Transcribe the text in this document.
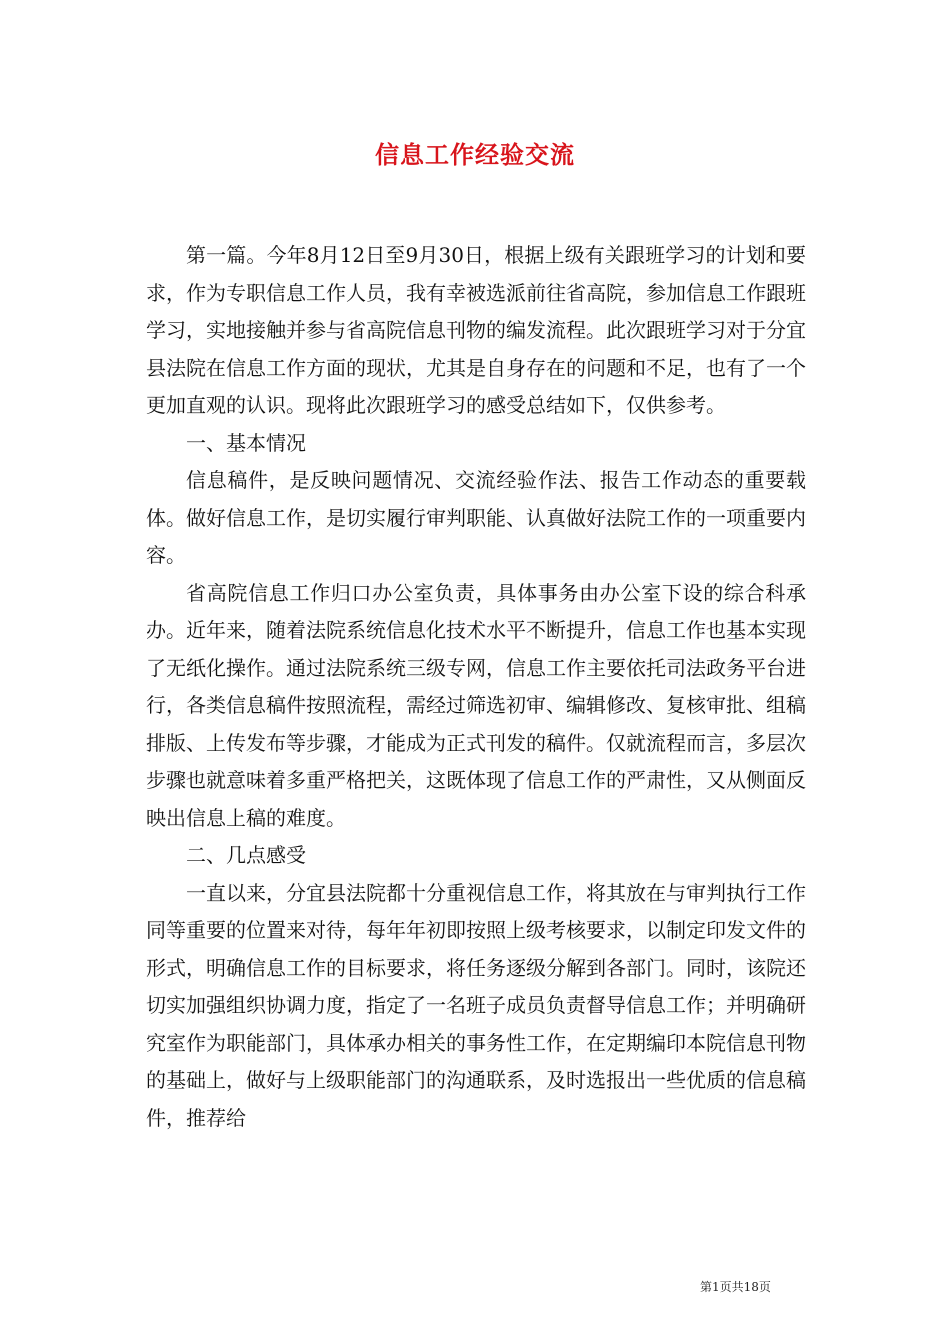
信息工作经验交流

第一篇。今年8月12日至9月30日，根据上级有关跟班学习的计划和要求，作为专职信息工作人员，我有幸被选派前往省高院，参加信息工作跟班学习，实地接触并参与省高院信息刊物的编发流程。此次跟班学习对于分宜县法院在信息工作方面的现状，尤其是自身存在的问题和不足，也有了一个更加直观的认识。现将此次跟班学习的感受总结如下，仅供参考。

一、基本情况

信息稿件，是反映问题情况、交流经验作法、报告工作动态的重要载体。做好信息工作，是切实履行审判职能、认真做好法院工作的一项重要内容。

省高院信息工作归口办公室负责，具体事务由办公室下设的综合科承办。近年来，随着法院系统信息化技术水平不断提升，信息工作也基本实现了无纸化操作。通过法院系统三级专网，信息工作主要依托司法政务平台进行，各类信息稿件按照流程，需经过筛选初审、编辑修改、复核审批、组稿排版、上传发布等步骤，才能成为正式刊发的稿件。仅就流程而言，多层次步骤也就意味着多重严格把关，这既体现了信息工作的严肃性，又从侧面反映出信息上稿的难度。

二、几点感受

一直以来，分宜县法院都十分重视信息工作，将其放在与审判执行工作同等重要的位置来对待，每年年初即按照上级考核要求，以制定印发文件的形式，明确信息工作的目标要求，将任务逐级分解到各部门。同时，该院还切实加强组织协调力度，指定了一名班子成员负责督导信息工作；并明确研究室作为职能部门，具体承办相关的事务性工作，在定期编印本院信息刊物的基础上，做好与上级职能部门的沟通联系，及时选报出一些优质的信息稿件，推荐给

第1页共18页
